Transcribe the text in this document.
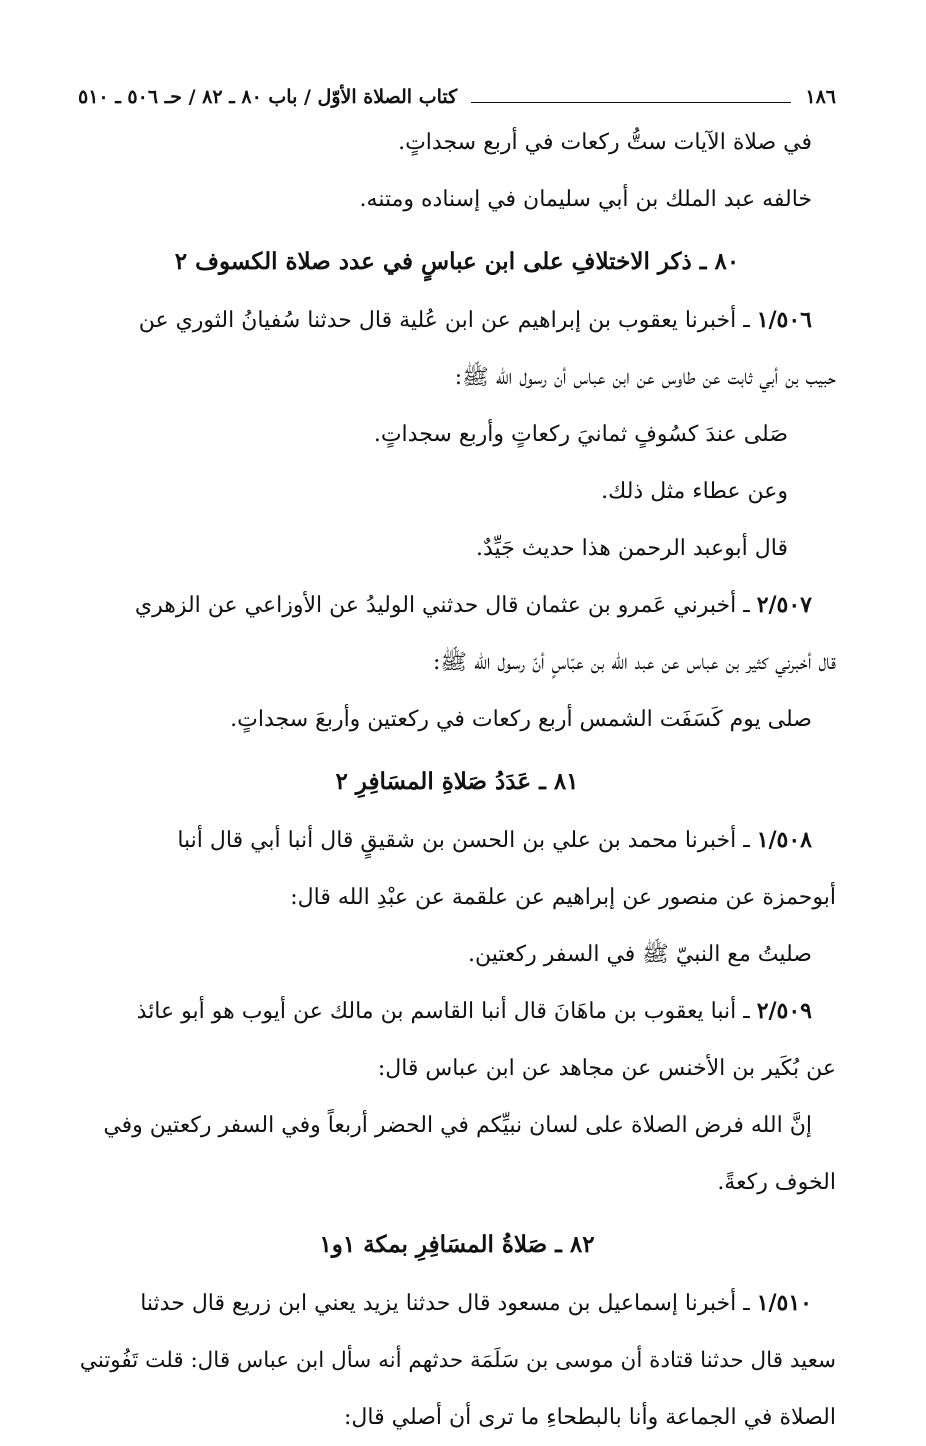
١٨٦
كتاب الصلاة الأوّل / باب ٨٠ ـ ٨٢ / حـ ٥٠٦ ـ ٥١٠
في صلاة الآيات ستُّ ركعات في أربع سجداتٍ.
خالفه عبد الملك بن أبي سليمان في إسناده ومتنه.
٨٠ ـ ذكر الاختلافِ على ابن عباسٍ في عدد صلاة الكسوف ٢
١/٥٠٦ ـ أخبرنا يعقوب بن إبراهيم عن ابن عُلية قال حدثنا سُفيانُ الثوري عن
حبيب بن أبي ثابت عن طاوس عن ابن عباس أن رسول الله ﷺ:
صَلى عندَ كسُوفٍ ثمانيَ ركعاتٍ وأربع سجداتٍ.
وعن عطاء مثل ذلك.
قال أبوعبد الرحمن هذا حديث جَيِّدٌ.
٢/٥٠٧ ـ أخبرني عَمرو بن عثمان قال حدثني الوليدُ عن الأوزاعي عن الزهري
قال أخبرني كثير بن عباس عن عبد الله بن عبّاسٍ أنّ رسول الله ﷺ:
صلى يوم كَسَفَت الشمس أربع ركعات في ركعتين وأربعَ سجداتٍ.
٨١ ـ عَدَدُ صَلاةِ المسَافِرِ ٢
١/٥٠٨ ـ أخبرنا محمد بن علي بن الحسن بن شقيقٍ قال أنبا أبي قال أنبا
أبوحمزة عن منصور عن إبراهيم عن علقمة عن عبْدِ الله قال:
صليتُ مع النبيّ ﷺ في السفر ركعتين.
٢/٥٠٩ ـ أنبا يعقوب بن ماهَانَ قال أنبا القاسم بن مالك عن أيوب هو أبو عائذ
عن بُكَير بن الأخنس عن مجاهد عن ابن عباس قال:
إنَّ الله فرض الصلاة على لسان نبيِّكم في الحضر أربعاً وفي السفر ركعتين وفي
الخوف ركعةً.
٨٢ ـ صَلاةُ المسَافِرِ بمكة ١و١
١/٥١٠ ـ أخبرنا إسماعيل بن مسعود قال حدثنا يزيد يعني ابن زريع قال حدثنا
سعيد قال حدثنا قتادة أن موسى بن سَلَمَة حدثهم أنه سأل ابن عباس قال: قلت تَفُوتني
الصلاة في الجماعة وأنا بالبطحاءِ ما ترى أن أصلي قال:
